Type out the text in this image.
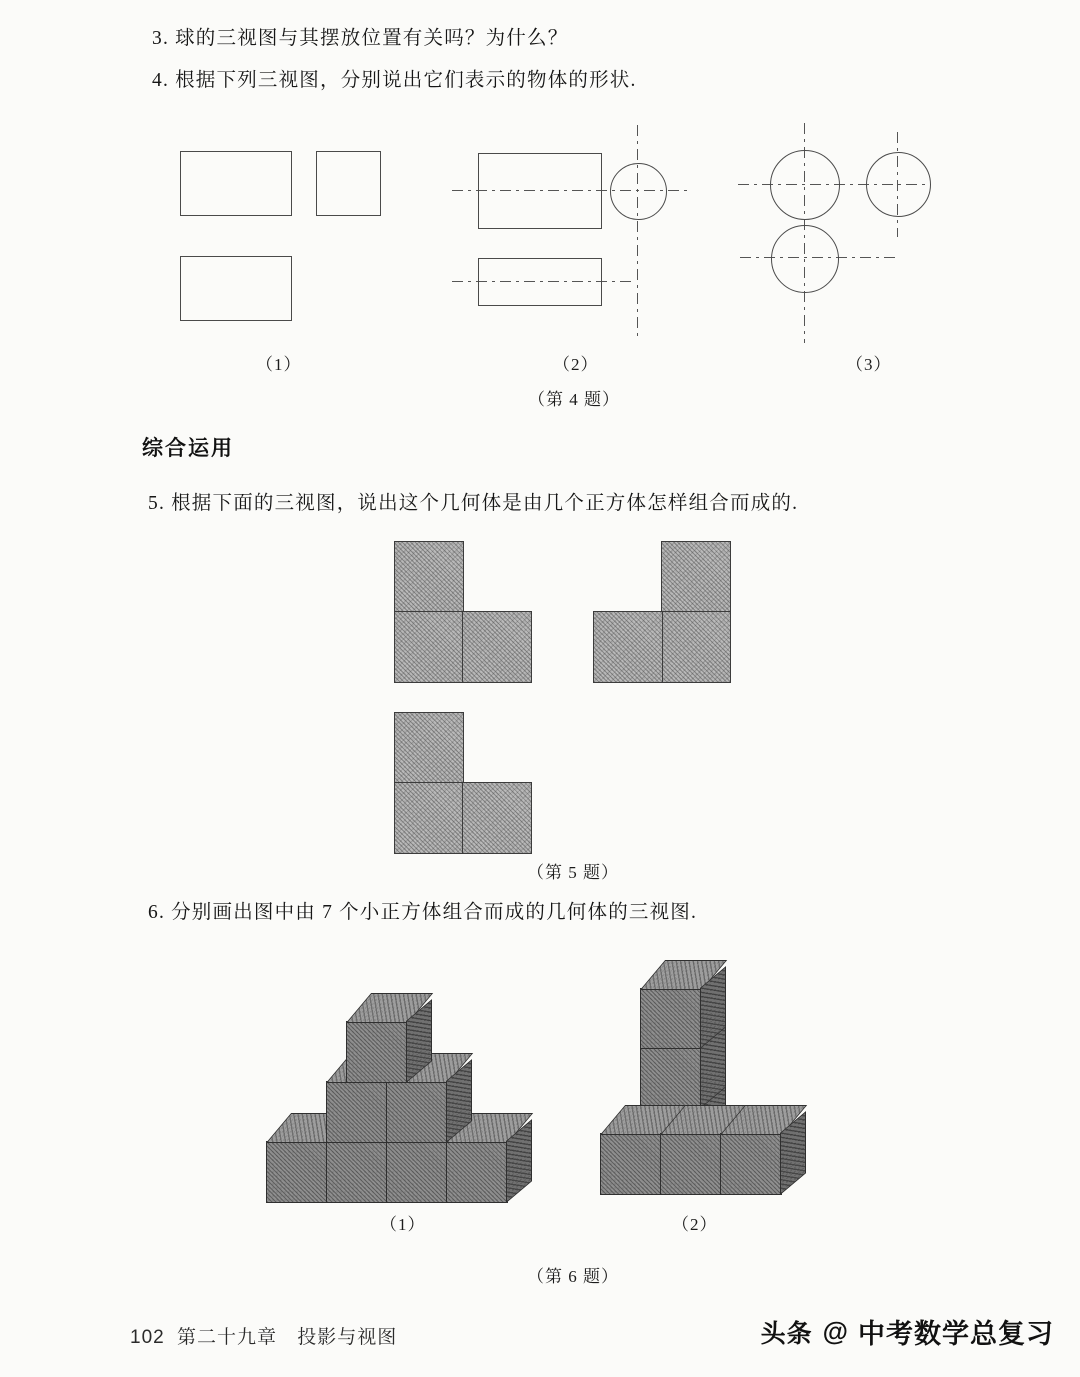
3. 球的三视图与其摆放位置有关吗？为什么？
4. 根据下列三视图，分别说出它们表示的物体的形状.
（1）	（2）	（3）
（第 4 题）
综合运用
5. 根据下面的三视图，说出这个几何体是由几个正方体怎样组合而成的.
（第 5 题）
6. 分别画出图中由 7 个小正方体组合而成的几何体的三视图.
（1）	（2）
（第 6 题）
102 第二十九章 投影与视图	头条 @ 中考数学总复习
